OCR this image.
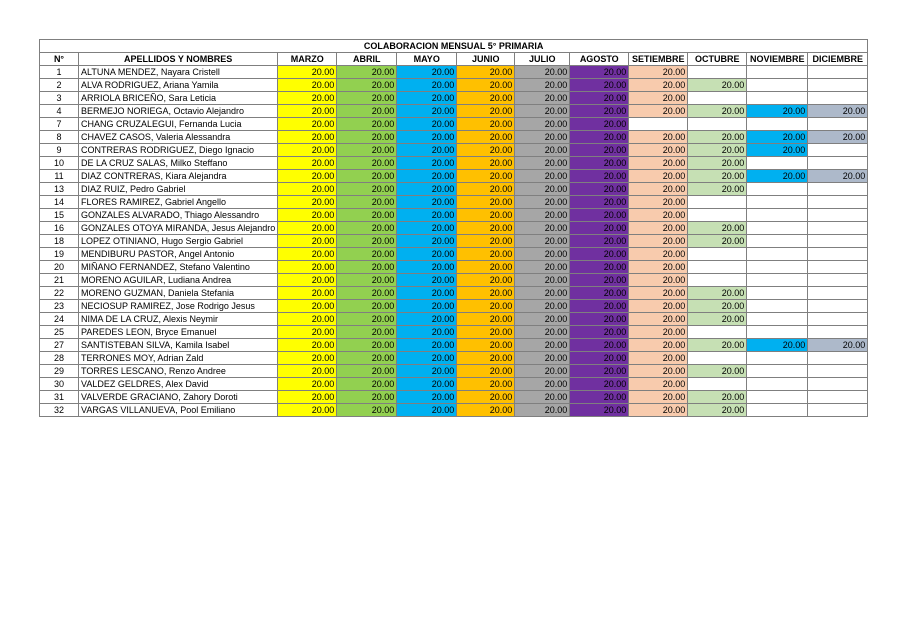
COLABORACION MENSUAL 5° PRIMARIA											
N°	APELLIDOS Y NOMBRES	MARZO	ABRIL	MAYO	JUNIO	JULIO	AGOSTO	SETIEMBRE	OCTUBRE	NOVIEMBRE	DICIEMBRE
1	ALTUNA MENDEZ, Nayara Cristell	20.00	20.00	20.00	20.00	20.00	20.00	20.00			
2	ALVA RODRIGUEZ, Ariana Yamila	20.00	20.00	20.00	20.00	20.00	20.00	20.00	20.00		
3	ARRIOLA BRICEÑO, Sara Leticia	20.00	20.00	20.00	20.00	20.00	20.00	20.00			
4	BERMEJO NORIEGA, Octavio Alejandro	20.00	20.00	20.00	20.00	20.00	20.00	20.00	20.00	20.00	20.00
7	CHANG CRUZALEGUI, Fernanda Lucia	20.00	20.00	20.00	20.00	20.00	20.00				
8	CHAVEZ CASOS, Valeria Alessandra	20.00	20.00	20.00	20.00	20.00	20.00	20.00	20.00	20.00	20.00
9	CONTRERAS RODRIGUEZ, Diego Ignacio	20.00	20.00	20.00	20.00	20.00	20.00	20.00	20.00	20.00	
10	DE LA CRUZ SALAS, Milko Steffano	20.00	20.00	20.00	20.00	20.00	20.00	20.00	20.00		
11	DIAZ CONTRERAS, Kiara Alejandra	20.00	20.00	20.00	20.00	20.00	20.00	20.00	20.00	20.00	20.00
13	DIAZ RUIZ, Pedro Gabriel	20.00	20.00	20.00	20.00	20.00	20.00	20.00	20.00		
14	FLORES RAMIREZ, Gabriel Angello	20.00	20.00	20.00	20.00	20.00	20.00	20.00			
15	GONZALES ALVARADO, Thiago Alessandro	20.00	20.00	20.00	20.00	20.00	20.00	20.00			
16	GONZALES OTOYA MIRANDA, Jesus Alejandro	20.00	20.00	20.00	20.00	20.00	20.00	20.00	20.00		
18	LOPEZ OTINIANO, Hugo Sergio Gabriel	20.00	20.00	20.00	20.00	20.00	20.00	20.00	20.00		
19	MENDIBURU PASTOR, Angel Antonio	20.00	20.00	20.00	20.00	20.00	20.00	20.00			
20	MIÑANO FERNANDEZ, Stefano Valentino	20.00	20.00	20.00	20.00	20.00	20.00	20.00			
21	MORENO AGUILAR, Ludiana Andrea	20.00	20.00	20.00	20.00	20.00	20.00	20.00			
22	MORENO GUZMAN, Daniela Stefania	20.00	20.00	20.00	20.00	20.00	20.00	20.00	20.00		
23	NECIOSUP RAMIREZ, Jose Rodrigo Jesus	20.00	20.00	20.00	20.00	20.00	20.00	20.00	20.00		
24	NIMA DE LA CRUZ, Alexis Neymir	20.00	20.00	20.00	20.00	20.00	20.00	20.00	20.00		
25	PAREDES LEON, Bryce Emanuel	20.00	20.00	20.00	20.00	20.00	20.00	20.00			
27	SANTISTEBAN SILVA, Kamila Isabel	20.00	20.00	20.00	20.00	20.00	20.00	20.00	20.00	20.00	20.00
28	TERRONES MOY, Adrian Zald	20.00	20.00	20.00	20.00	20.00	20.00	20.00			
29	TORRES LESCANO, Renzo Andree	20.00	20.00	20.00	20.00	20.00	20.00	20.00	20.00		
30	VALDEZ GELDRES, Alex David	20.00	20.00	20.00	20.00	20.00	20.00	20.00			
31	VALVERDE GRACIANO, Zahory Doroti	20.00	20.00	20.00	20.00	20.00	20.00	20.00	20.00		
32	VARGAS VILLANUEVA, Pool Emiliano	20.00	20.00	20.00	20.00	20.00	20.00	20.00	20.00		
